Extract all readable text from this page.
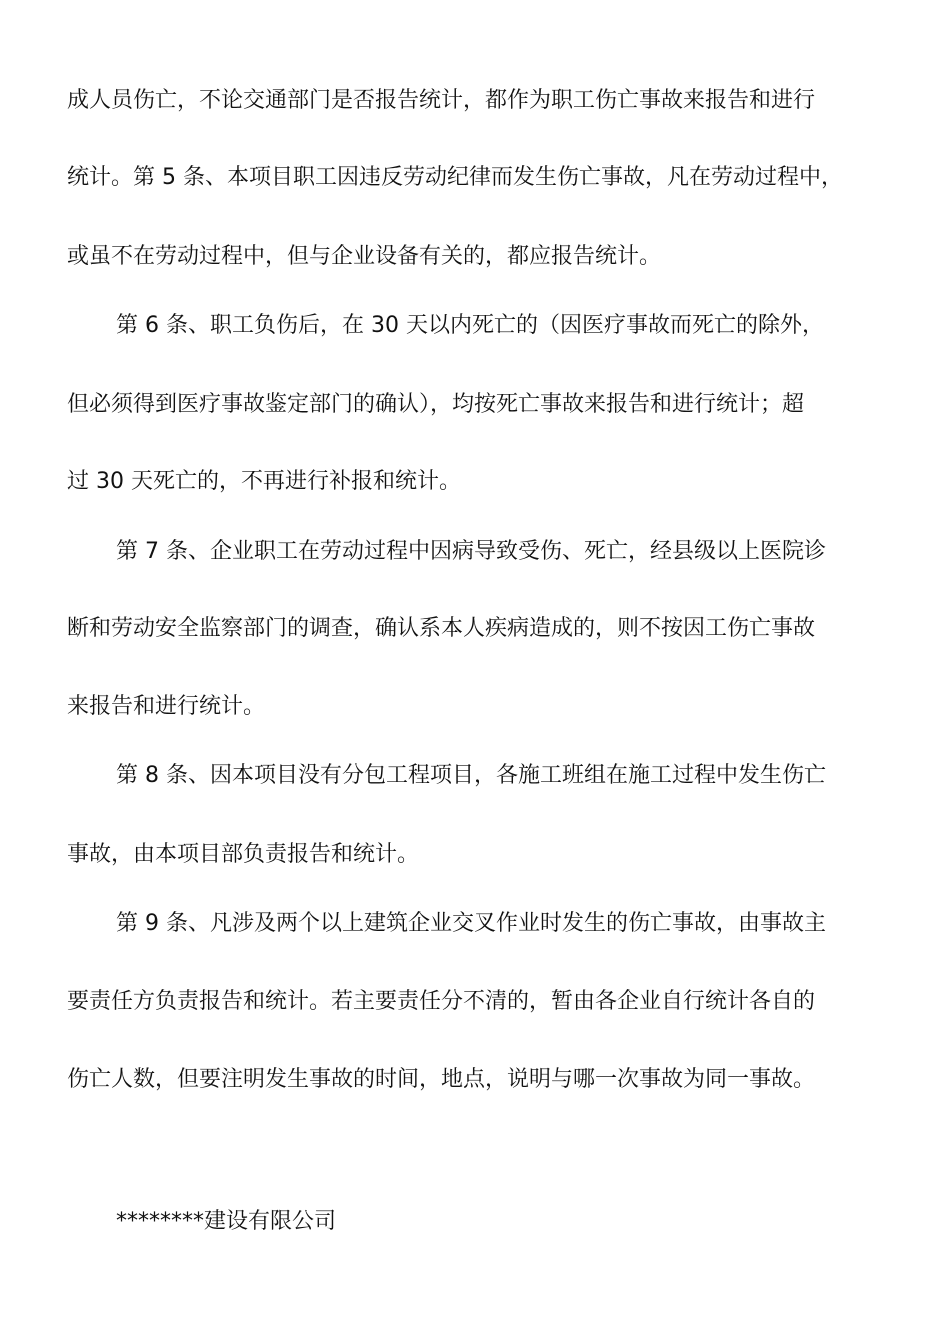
成人员伤亡，不论交通部门是否报告统计，都作为职工伤亡事故来报告和进行
统计。第 5 条、本项目职工因违反劳动纪律而发生伤亡事故，凡在劳动过程中，
或虽不在劳动过程中，但与企业设备有关的，都应报告统计。
第 6 条、职工负伤后，在 30 天以内死亡的（因医疗事故而死亡的除外，
但必须得到医疗事故鉴定部门的确认），均按死亡事故来报告和进行统计；超
过 30 天死亡的，不再进行补报和统计。
第 7 条、企业职工在劳动过程中因病导致受伤、死亡，经县级以上医院诊
断和劳动安全监察部门的调查，确认系本人疾病造成的，则不按因工伤亡事故
来报告和进行统计。
第 8 条、因本项目没有分包工程项目，各施工班组在施工过程中发生伤亡
事故，由本项目部负责报告和统计。
第 9 条、凡涉及两个以上建筑企业交叉作业时发生的伤亡事故，由事故主
要责任方负责报告和统计。若主要责任分不清的，暂由各企业自行统计各自的
伤亡人数，但要注明发生事故的时间，地点，说明与哪一次事故为同一事故。
********建设有限公司
